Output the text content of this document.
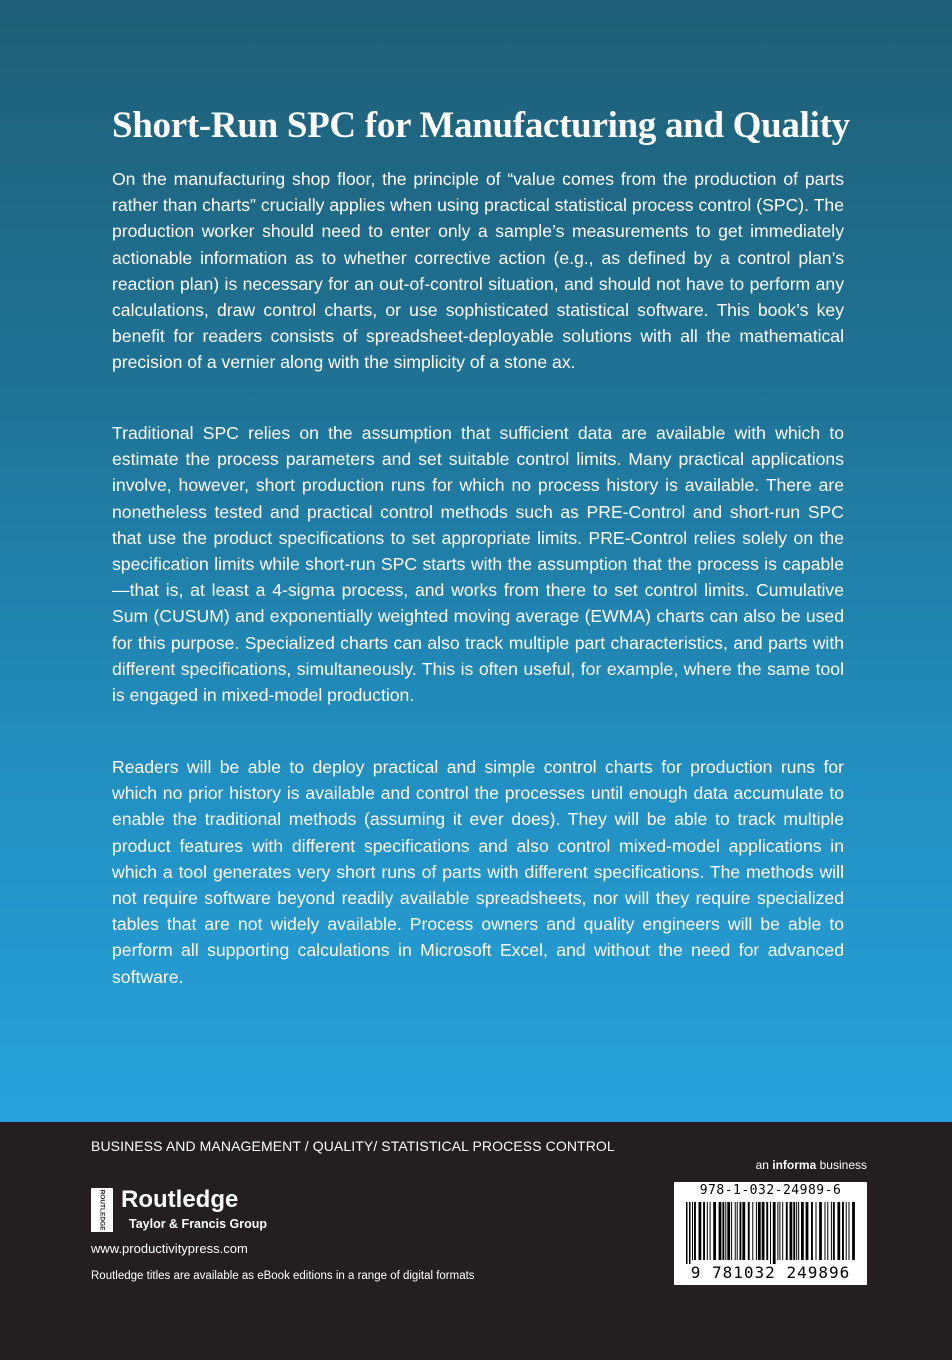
Short-Run SPC for Manufacturing and Quality

On the manufacturing shop floor, the principle of “value comes from the production of parts rather than charts” crucially applies when using practical statistical process control (SPC). The production worker should need to enter only a sample’s measurements to get immediately actionable information as to whether corrective action (e.g., as defined by a control plan’s reaction plan) is necessary for an out-of-control situation, and should not have to perform any calculations, draw control charts, or use sophisticated statistical software. This book’s key benefit for readers consists of spreadsheet-deployable solutions with all the mathematical precision of a vernier along with the simplicity of a stone ax.

Traditional SPC relies on the assumption that sufficient data are available with which to estimate the process parameters and set suitable control limits. Many practical applications involve, however, short production runs for which no process history is available. There are nonetheless tested and practical control methods such as PRE-Control and short-run SPC that use the product specifications to set appropriate limits. PRE-Control relies solely on the specification limits while short-run SPC starts with the assumption that the process is capable—that is, at least a 4-sigma process, and works from there to set control limits. Cumulative Sum (CUSUM) and exponentially weighted moving average (EWMA) charts can also be used for this purpose. Specialized charts can also track multiple part characteristics, and parts with different specifications, simultaneously. This is often useful, for example, where the same tool is engaged in mixed-model production.

Readers will be able to deploy practical and simple control charts for production runs for which no prior history is available and control the processes until enough data accumulate to enable the traditional methods (assuming it ever does). They will be able to track multiple product features with different specifications and also control mixed-model applications in which a tool generates very short runs of parts with different specifications. The methods will not require software beyond readily available spreadsheets, nor will they require specialized tables that are not widely available. Process owners and quality engineers will be able to perform all supporting calculations in Microsoft Excel, and without the need for advanced software.

BUSINESS AND MANAGEMENT / QUALITY/ STATISTICAL PROCESS CONTROL
ROUTLEDGE Routledge
Taylor & Francis Group
www.productivitypress.com
Routledge titles are available as eBook editions in a range of digital formats
an informa business
978-1-032-24989-6
9 781032 249896
